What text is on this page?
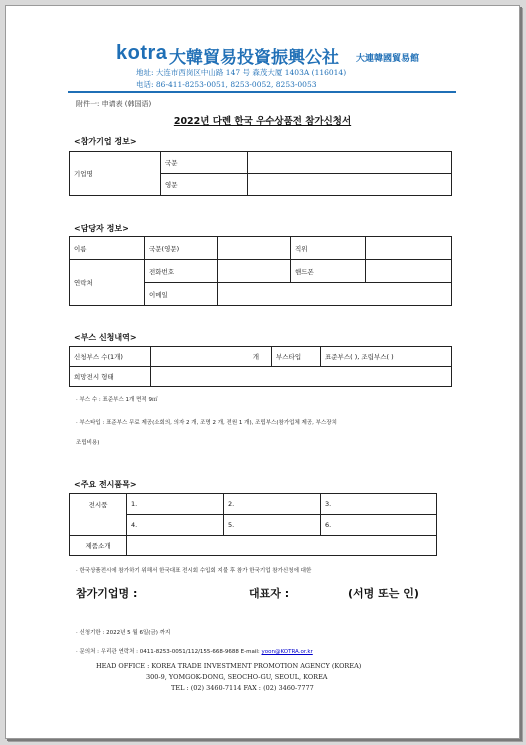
kotra 大韓貿易投資振興公社 大連韓國貿易館
地址: 大连市西岗区中山路 147 号 森茂大厦 1403A (116014)
电话: 86-411-8253-0051, 8253-0052, 8253-0053
附件一: 申请表 (韩国语)
2022년 다롄 한국 우수상품전 참가신청서
<참가기업 정보>
기업명	국문	
	영문	
<담당자 정보>
이름	국문(영문)		직위	
연락처	전화번호		핸드폰	
	이메일			
<부스 신청내역>
신청부스 수(1개)	개	부스타입	표준부스( ), 조립부스( )
희망전시 형태			
· 부스 수 : 표준부스 1개 면적 9㎡
· 부스타입 : 표준부스 무료 제공(소회의, 의자 2 개, 조명 2 개, 전원 1 개), 조립부스(참가업체 제공, 부스장치
조립비용)
<주요 전시품목>
전시품	1.	2.	3.
	4.	5.	6.
제품소개			
· 한국상품전시에 참가하기 위해서 한국대표 전시회 수입회 지불 후 참가 한국기업 참가신청에 대한
참가기업명 :	대표자 :	(서명 또는 인)
· 신청기한 : 2022년 5 월 6일(금) 까지
· 문의처 : 우리관 연락처 : 0411-8253-0051/112/155-668-9688 E-mail: yoon@KOTRA.or.kr
HEAD OFFICE : KOREA TRADE INVESTMENT PROMOTION AGENCY (KOREA)
300-9, YOMGOK-DONG, SEOCHO-GU, SEOUL, KOREA
TEL : (02) 3460-7114 FAX : (02) 3460-7777
